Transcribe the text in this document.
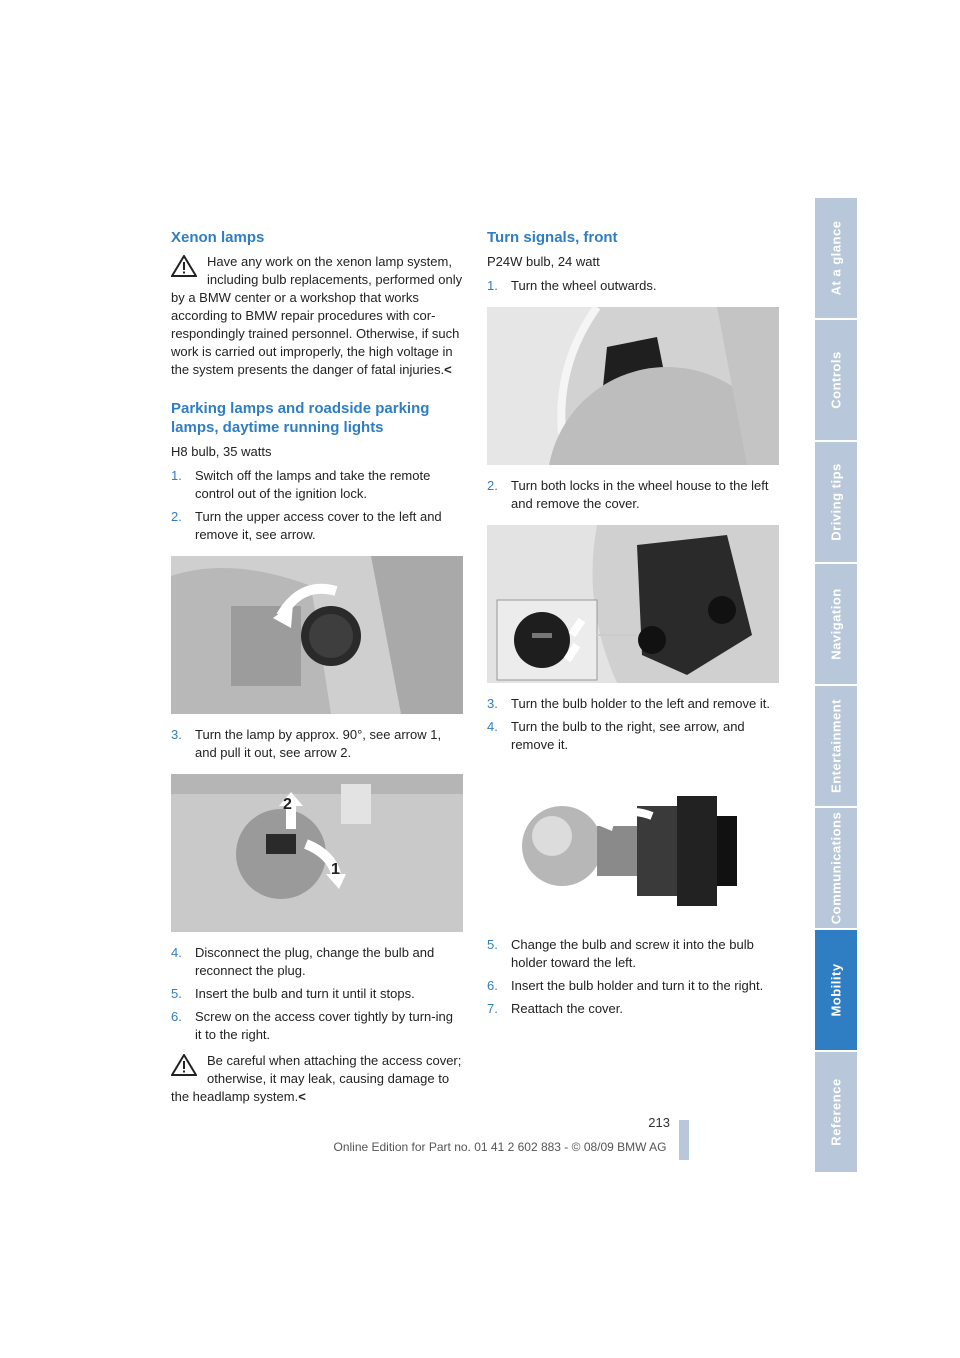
Xenon lamps

Have any work on the xenon lamp system, including bulb replacements, performed only by a BMW center or a workshop that works according to BMW repair procedures with cor-respondingly trained personnel. Otherwise, if such work is carried out improperly, the high voltage in the system presents the danger of fatal injuries.<

Parking lamps and roadside parking lamps, daytime running lights

H8 bulb, 35 watts

1. Switch off the lamps and take the remote control out of the ignition lock.
2. Turn the upper access cover to the left and remove it, see arrow.
3. Turn the lamp by approx. 90°, see arrow 1, and pull it out, see arrow 2.
2
1
4. Disconnect the plug, change the bulb and reconnect the plug.
5. Insert the bulb and turn it until it stops.
6. Screw on the access cover tightly by turn-ing it to the right.

Be careful when attaching the access cover; otherwise, it may leak, causing damage to the headlamp system.<

Turn signals, front

P24W bulb, 24 watt

1. Turn the wheel outwards.
2. Turn both locks in the wheel house to the left and remove the cover.
3. Turn the bulb holder to the left and remove it.
4. Turn the bulb to the right, see arrow, and remove it.
5. Change the bulb and screw it into the bulb holder toward the left.
6. Insert the bulb holder and turn it to the right.
7. Reattach the cover.
At a glance
Controls
Driving tips
Navigation
Entertainment
Communications
Mobility
Reference
213
Online Edition for Part no. 01 41 2 602 883 - © 08/09 BMW AG
